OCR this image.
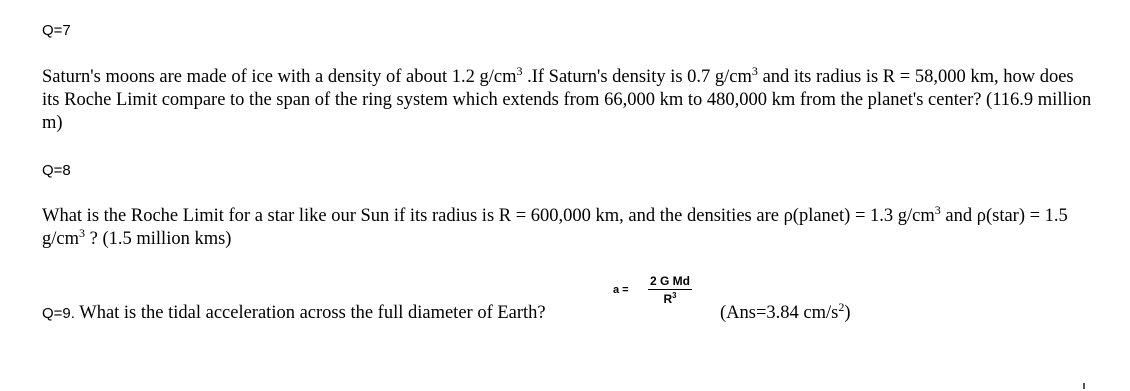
Q=7
Saturn's moons are made of ice with a density of about 1.2 $g/cm^3$ .If Saturn's density is 0.7 $g/cm^3$ and its radius is R = 58,000 km, how does its Roche Limit compare to the span of the ring system which extends from 66,000 km to 480,000 km from the planet's center? (116.9 million m)
Q=8
What is the Roche Limit for a star like our Sun if its radius is R = 600,000 km, and the densities are ρ(planet) = 1.3 $g/cm^3$ and ρ(star) = 1.5 $g/cm^3$ ? (1.5 million kms)
Q=9. What is the tidal acceleration across the full diameter of Earth?
$a = \frac{\text{2 G Md}}{R^3}$
(Ans=3.84 $cm/s^2$)
